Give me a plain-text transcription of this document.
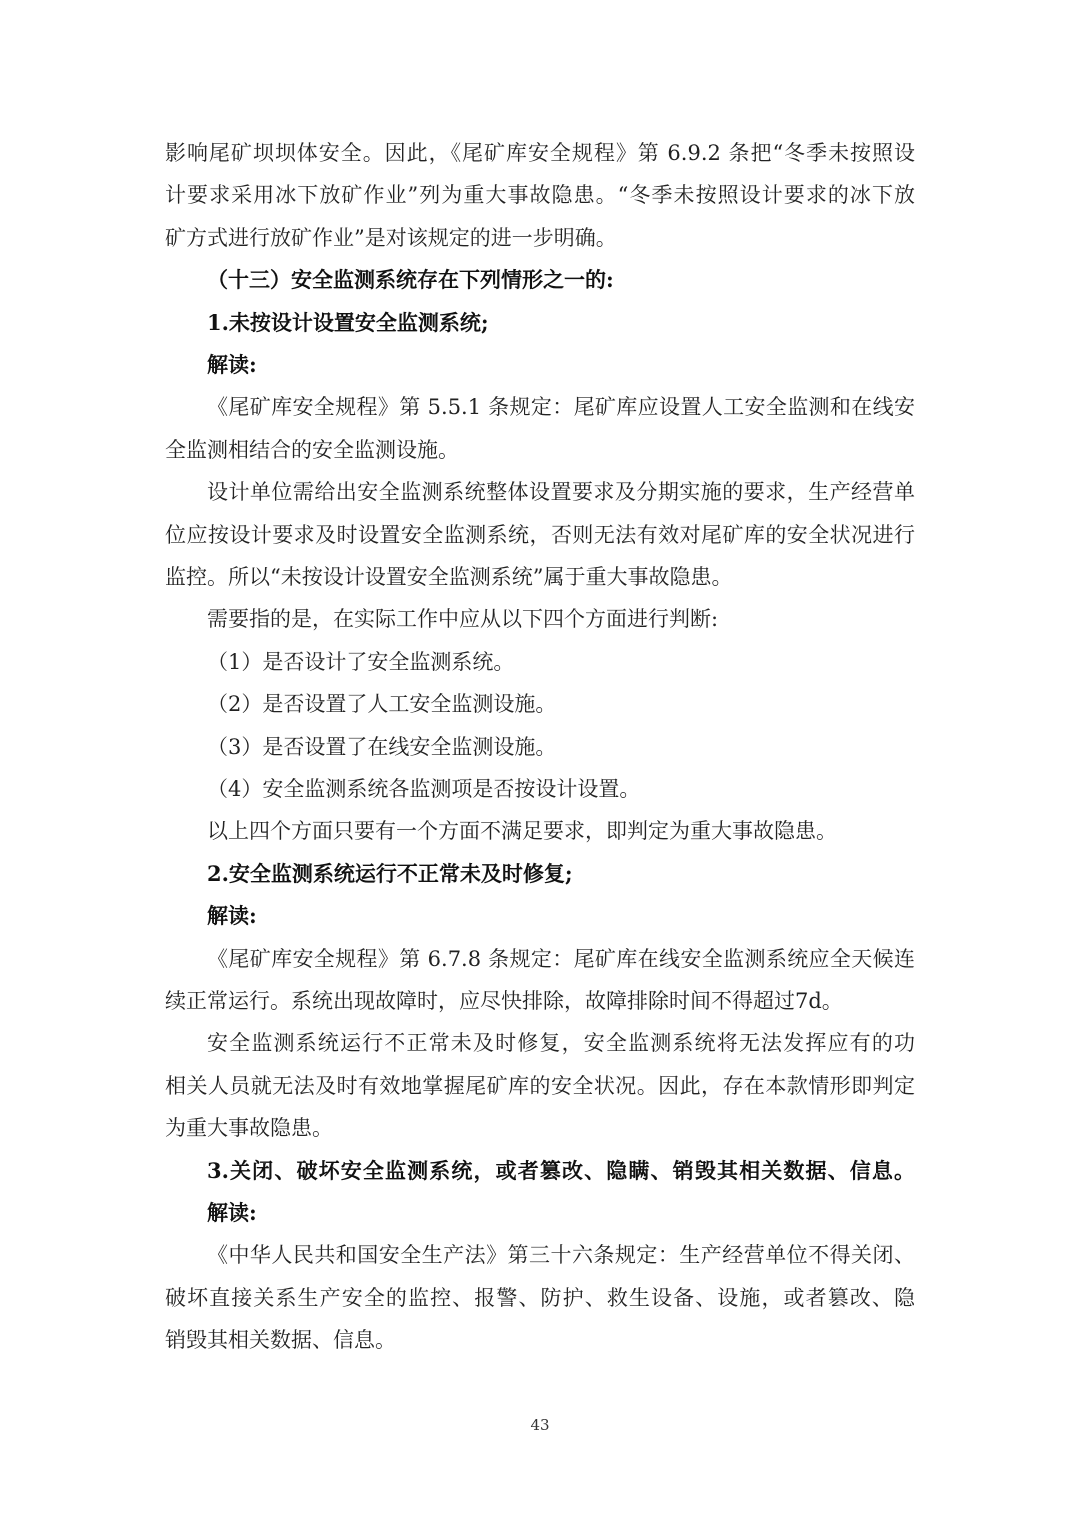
影响尾矿坝坝体安全。因此，《尾矿库安全规程》第 6.9.2 条把“冬季未按照设
计要求采用冰下放矿作业”列为重大事故隐患。“冬季未按照设计要求的冰下放
矿方式进行放矿作业”是对该规定的进一步明确。
（十三）安全监测系统存在下列情形之一的:
1.未按设计设置安全监测系统;
解读:
《尾矿库安全规程》第 5.5.1 条规定：尾矿库应设置人工安全监测和在线安
全监测相结合的安全监测设施。
设计单位需给出安全监测系统整体设置要求及分期实施的要求，生产经营单
位应按设计要求及时设置安全监测系统，否则无法有效对尾矿库的安全状况进行
监控。所以“未按设计设置安全监测系统”属于重大事故隐患。
需要指的是，在实际工作中应从以下四个方面进行判断:
（1）是否设计了安全监测系统。
（2）是否设置了人工安全监测设施。
（3）是否设置了在线安全监测设施。
（4）安全监测系统各监测项是否按设计设置。
以上四个方面只要有一个方面不满足要求，即判定为重大事故隐患。
2.安全监测系统运行不正常未及时修复;
解读:
《尾矿库安全规程》第 6.7.8 条规定：尾矿库在线安全监测系统应全天候连
续正常运行。系统出现故障时，应尽快排除，故障排除时间不得超过7d。
安全监测系统运行不正常未及时修复，安全监测系统将无法发挥应有的功
相关人员就无法及时有效地掌握尾矿库的安全状况。因此，存在本款情形即判定
为重大事故隐患。
3.关闭、破坏安全监测系统，或者篡改、隐瞒、销毁其相关数据、信息。
解读:
《中华人民共和国安全生产法》第三十六条规定：生产经营单位不得关闭、
破坏直接关系生产安全的监控、报警、防护、救生设备、设施，或者篡改、隐
销毁其相关数据、信息。
43
